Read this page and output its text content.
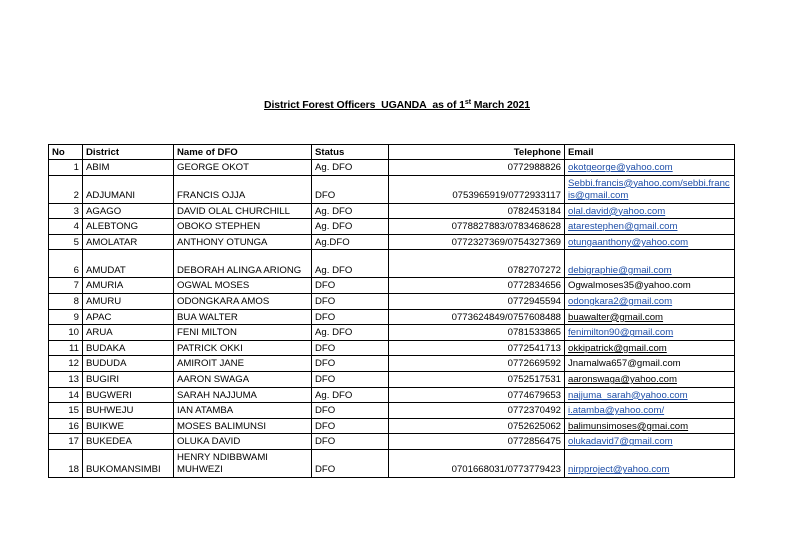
District Forest Officers_UGANDA_as of 1st March 2021
No	District	Name of DFO	Status	Telephone	Email
1	ABIM	GEORGE OKOT	Ag. DFO	0772988826	okotgeorge@yahoo.com
2	ADJUMANI	FRANCIS OJJA	DFO	0753965919/0772933117	Sebbi.francis@yahoo.com/sebbi.francis@gmail.com
3	AGAGO	DAVID OLAL CHURCHILL	Ag. DFO	0782453184	olal.david@yahoo.com
4	ALEBTONG	OBOKO STEPHEN	Ag. DFO	0778827883/0783468628	atarestephen@gmail.com
5	AMOLATAR	ANTHONY OTUNGA	Ag.DFO	0772327369/0754327369	otungaanthony@yahoo.com
6	AMUDAT	DEBORAH ALINGA ARIONG	Ag. DFO	0782707272	debigraphie@gmail.com
7	AMURIA	OGWAL MOSES	DFO	0772834656	Ogwalmoses35@yahoo.com
8	AMURU	ODONGKARA AMOS	DFO	0772945594	odongkara2@gmail.com
9	APAC	BUA WALTER	DFO	0773624849/0757608488	buawalter@gmail.com
10	ARUA	FENI MILTON	Ag. DFO	0781533865	fenimilton90@gmail.com
11	BUDAKA	PATRICK OKKI	DFO	0772541713	okkipatrick@gmail.com
12	BUDUDA	AMIROIT JANE	DFO	0772669592	Jnamalwa657@gmail.com
13	BUGIRI	AARON SWAGA	DFO	0752517531	aaronswaga@yahoo.com
14	BUGWERI	SARAH NAJJUMA	Ag. DFO	0774679653	najjuma_sarah@yahoo.com
15	BUHWEJU	IAN ATAMBA	DFO	0772370492	i.atamba@yahoo.com/
16	BUIKWE	MOSES BALIMUNSI	DFO	0752625062	balimunsimoses@gmai.com
17	BUKEDEA	OLUKA DAVID	DFO	0772856475	olukadavid7@gmail.com
18	BUKOMANSIMBI	HENRY NDIBBWAMI MUHWEZI	DFO	0701668031/0773779423	nirpproject@yahoo.com
